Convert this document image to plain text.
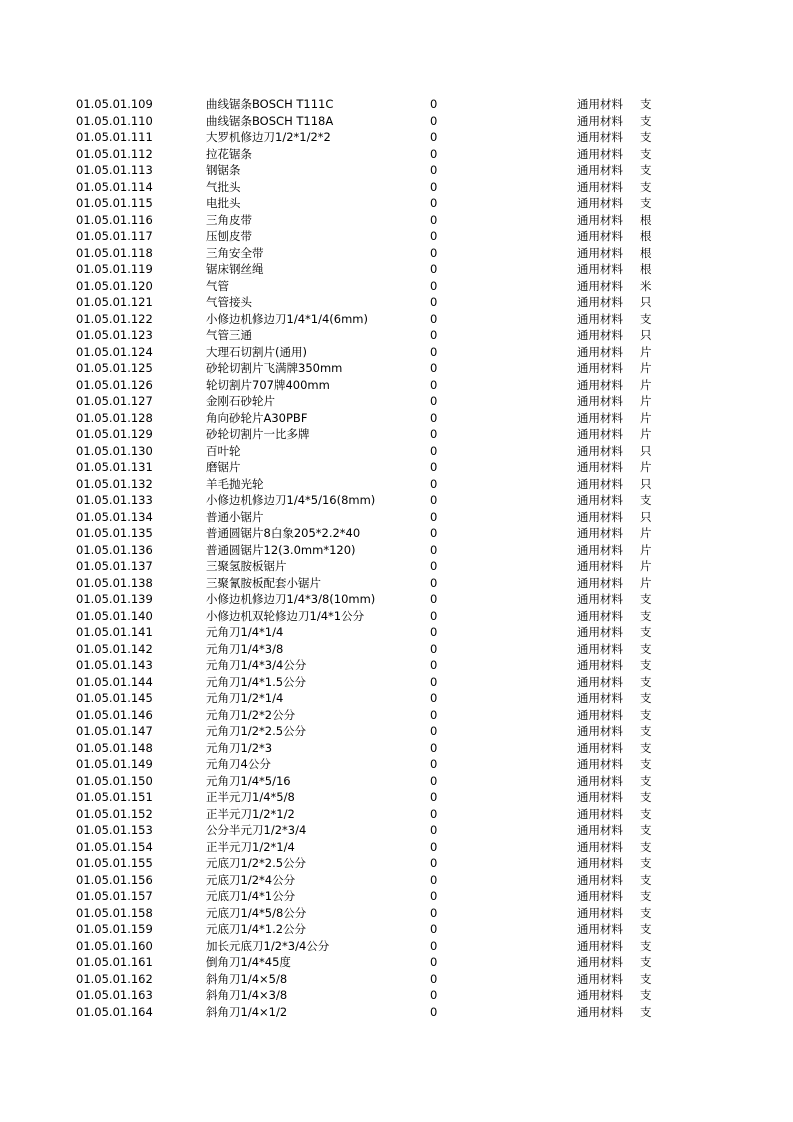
01.05.01.109	曲线锯条BOSCH T111C	0	通用材料 支
01.05.01.110	曲线锯条BOSCH T118A	0	通用材料 支
01.05.01.111	大罗机修边刀1/2*1/2*2	0	通用材料 支
01.05.01.112	拉花锯条	0	通用材料 支
01.05.01.113	钢锯条	0	通用材料 支
01.05.01.114	气批头	0	通用材料 支
01.05.01.115	电批头	0	通用材料 支
01.05.01.116	三角皮带	0	通用材料 根
01.05.01.117	压刨皮带	0	通用材料 根
01.05.01.118	三角安全带	0	通用材料 根
01.05.01.119	锯床钢丝绳	0	通用材料 根
01.05.01.120	气管	0	通用材料 米
01.05.01.121	气管接头	0	通用材料 只
01.05.01.122	小修边机修边刀1/4*1/4(6mm)	0	通用材料 支
01.05.01.123	气管三通	0	通用材料 只
01.05.01.124	大理石切割片(通用)	0	通用材料 片
01.05.01.125	砂轮切割片飞满牌350mm	0	通用材料 片
01.05.01.126	轮切割片707牌400mm	0	通用材料 片
01.05.01.127	金刚石砂轮片	0	通用材料 片
01.05.01.128	角向砂轮片A30PBF	0	通用材料 片
01.05.01.129	砂轮切割片一比多牌	0	通用材料 片
01.05.01.130	百叶轮	0	通用材料 只
01.05.01.131	磨锯片	0	通用材料 片
01.05.01.132	羊毛抛光轮	0	通用材料 只
01.05.01.133	小修边机修边刀1/4*5/16(8mm)	0	通用材料 支
01.05.01.134	普通小锯片	0	通用材料 只
01.05.01.135	普通圆锯片8白象205*2.2*40	0	通用材料 片
01.05.01.136	普通圆锯片12(3.0mm*120)	0	通用材料 片
01.05.01.137	三聚氢胺板锯片	0	通用材料 片
01.05.01.138	三聚氰胺板配套小锯片	0	通用材料 片
01.05.01.139	小修边机修边刀1/4*3/8(10mm)	0	通用材料 支
01.05.01.140	小修边机双轮修边刀1/4*1公分	0	通用材料 支
01.05.01.141	元角刀1/4*1/4	0	通用材料 支
01.05.01.142	元角刀1/4*3/8	0	通用材料 支
01.05.01.143	元角刀1/4*3/4公分	0	通用材料 支
01.05.01.144	元角刀1/4*1.5公分	0	通用材料 支
01.05.01.145	元角刀1/2*1/4	0	通用材料 支
01.05.01.146	元角刀1/2*2公分	0	通用材料 支
01.05.01.147	元角刀1/2*2.5公分	0	通用材料 支
01.05.01.148	元角刀1/2*3	0	通用材料 支
01.05.01.149	元角刀4公分	0	通用材料 支
01.05.01.150	元角刀1/4*5/16	0	通用材料 支
01.05.01.151	正半元刀1/4*5/8	0	通用材料 支
01.05.01.152	正半元刀1/2*1/2	0	通用材料 支
01.05.01.153	公分半元刀1/2*3/4	0	通用材料 支
01.05.01.154	正半元刀1/2*1/4	0	通用材料 支
01.05.01.155	元底刀1/2*2.5公分	0	通用材料 支
01.05.01.156	元底刀1/2*4公分	0	通用材料 支
01.05.01.157	元底刀1/4*1公分	0	通用材料 支
01.05.01.158	元底刀1/4*5/8公分	0	通用材料 支
01.05.01.159	元底刀1/4*1.2公分	0	通用材料 支
01.05.01.160	加长元底刀1/2*3/4公分	0	通用材料 支
01.05.01.161	倒角刀1/4*45度	0	通用材料 支
01.05.01.162	斜角刀1/4×5/8	0	通用材料 支
01.05.01.163	斜角刀1/4×3/8	0	通用材料 支
01.05.01.164	斜角刀1/4×1/2	0	通用材料 支
